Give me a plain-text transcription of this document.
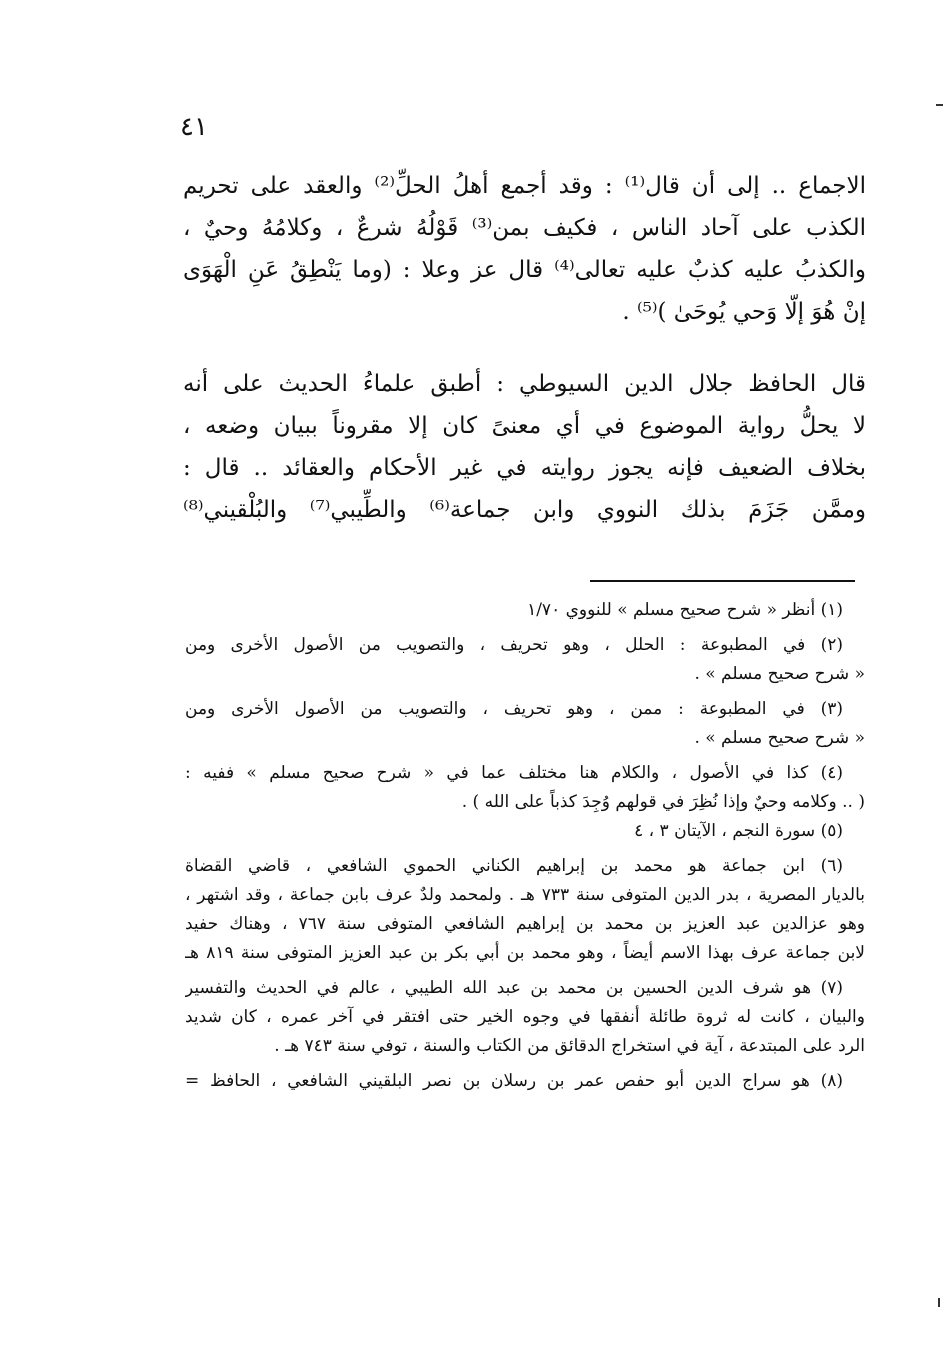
٤١
الاجماع .. إلى أن قال⁽¹⁾ : وقد أجمع أهلُ الحلِّ⁽²⁾ والعقد على تحريم
الكذب على آحاد الناس ، فكيف بمن⁽³⁾ قَوْلُهُ شرعٌ ، وكلامُهُ وحيٌ ،
والكذبُ عليه كذبٌ عليه تعالى⁽⁴⁾ قال عز وعلا : (وما يَنْطِقُ عَنِ الْهَوَى
إنْ هُوَ إلّا وَحي يُوحَىٰ )⁽⁵⁾ .
قال الحافظ جلال الدين السيوطي : أطبق علماءُ الحديث على أنه
لا يحلُّ رواية الموضوع في أي معنىً كان إلا مقروناً ببيان وضعه ،
بخلاف الضعيف فإنه يجوز روايته في غير الأحكام والعقائد .. قال :
وممَّن جَزَمَ بذلك النووي وابن جماعة⁽⁶⁾ والطِّيبي⁽⁷⁾ والبُلْقيني⁽⁸⁾
(١) أنظر « شرح صحيح مسلم » للنووي ١/٧٠
(٢) في المطبوعة : الحلل ، وهو تحريف ، والتصويب من الأصول الأخرى ومن
« شرح صحيح مسلم » .
(٣) في المطبوعة : ممن ، وهو تحريف ، والتصويب من الأصول الأخرى ومن
« شرح صحيح مسلم » .
(٤) كذا في الأصول ، والكلام هنا مختلف عما في « شرح صحيح مسلم » ففيه :
( .. وكلامه وحيٌ وإذا نُظِرَ في قولهم وُجِدَ كذباً على الله ) .
(٥) سورة النجم ، الآيتان ٣ ، ٤
(٦) ابن جماعة هو محمد بن إبراهيم الكناني الحموي الشافعي ، قاضي القضاة
بالديار المصرية ، بدر الدين المتوفى سنة ٧٣٣ هـ . ولمحمد ولدٌ عرف بابن جماعة ، وقد اشتهر ،
وهو عزالدين عبد العزيز بن محمد بن إبراهيم الشافعي المتوفى سنة ٧٦٧ ، وهناك حفيد
لابن جماعة عرف بهذا الاسم أيضاً ، وهو محمد بن أبي بكر بن عبد العزيز المتوفى سنة ٨١٩ هـ
(٧) هو شرف الدين الحسين بن محمد بن عبد الله الطيبي ، عالم في الحديث والتفسير
والبيان ، كانت له ثروة طائلة أنفقها في وجوه الخير حتى افتقر في آخر عمره ، كان شديد
الرد على المبتدعة ، آية في استخراج الدقائق من الكتاب والسنة ، توفي سنة ٧٤٣ هـ .
(٨) هو سراج الدين أبو حفص عمر بن رسلان بن نصر البلقيني الشافعي ، الحافظ =
